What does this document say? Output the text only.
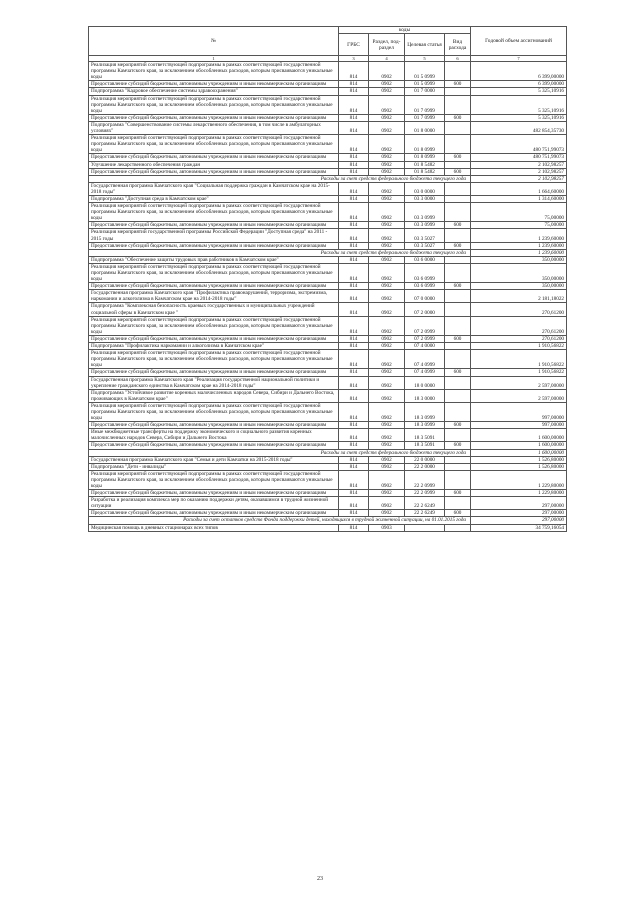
№	коды				Годовой объем ассигнований
	ГРБС	Раздел, под-раздел	Целевая статья	Вид расхода	
1	3	4	5	6	7
Реализация мероприятий соответствующей подпрограммы в рамках соответствующей государственной программы Камчатского края, за исключением обособленных расходов, которым присваиваются уникальные коды	814	0902	01 5 0999		6 399,00000
Предоставление субсидий бюджетным, автономным учреждениям и иным некоммерческим организациям	814	0902	01 5 0999	600	6 399,00000
Подпрограмма "Кадровое обеспечение системы здравоохранения"	814	0902	01 7 0000		5 325,10916
Реализация мероприятий соответствующей подпрограммы в рамках соответствующей государственной программы Камчатского края, за исключением обособленных расходов, которым присваиваются уникальные коды	814	0902	01 7 0999		5 325,10916
Предоставление субсидий бюджетным, автономным учреждениям и иным некоммерческим организациям	814	0902	01 7 0999	600	5 325,10916
Подпрограмма "Совершенствование системы лекарственного обеспечения, в том числе в амбулаторных условиях"	814	0902	01 8 0000		482 854,35730
Реализация мероприятий соответствующей подпрограммы в рамках соответствующей государственной программы Камчатского края, за исключением обособленных расходов, которым присваиваются уникальные коды	814	0902	01 8 0999		480 751,99073
Предоставление субсидий бюджетным, автономным учреждениям и иным некоммерческим организациям	814	0902	01 8 0999	600	480 751,99073
Улучшение лекарственного обеспечения граждан	814	0902	01 8 5482		2 102,98257
Предоставление субсидий бюджетным, автономным учреждениям и иным некоммерческим организациям	814	0902	01 8 5482	600	2 102,98257
Расходы за счет средств федерального бюджета текущего года					2 102,98257
Государственная программа Камчатского края "Социальная поддержка граждан в Камчатском крае на 2015-2018 годы"	814	0902	03 0 0000		1 664,60000
Подпрограмма "Доступная среда в Камчатском крае"	814	0902	03 3 0000		1 314,60000
Реализация мероприятий соответствующей подпрограммы в рамках соответствующей государственной программы Камчатского края, за исключением обособленных расходов, которым присваиваются уникальные коды	814	0902	03 3 0999		75,00000
Предоставление субсидий бюджетным, автономным учреждениям и иным некоммерческим организациям	814	0902	03 3 0999	600	75,00000
Реализация мероприятий государственной программы Российской Федерации "Доступная среда" на 2011 - 2015 годы	814	0902	03 3 5027		1 239,60000
Предоставление субсидий бюджетным, автономным учреждениям и иным некоммерческим организациям	814	0902	03 3 5027	600	1 239,60000
Расходы за счет средств федерального бюджета текущего года					1 239,60000
Подпрограмма "Обеспечение защиты трудовых прав работников в Камчатском крае"	814	0902	03 6 0000		350,00000
Реализация мероприятий соответствующей подпрограммы в рамках соответствующей государственной программы Камчатского края, за исключением обособленных расходов, которым присваиваются уникальные коды	814	0902	03 6 0999		350,00000
Предоставление субсидий бюджетным, автономным учреждениям и иным некоммерческим организациям	814	0902	03 6 0999	600	350,00000
Государственная программа Камчатского края "Профилактика правонарушений, терроризма, экстремизма, наркомании и алкоголизма в Камчатском крае на 2014-2018 годы"	814	0902	07 0 0000		2 181,18022
Подпрограмма "Комплексная безопасность краевых государственных и муниципальных учреждений социальной сферы в Камчатском крае "	814	0902	07 2 0000		270,61200
Реализация мероприятий соответствующей подпрограммы в рамках соответствующей государственной программы Камчатского края, за исключением обособленных расходов, которым присваиваются уникальные коды	814	0902	07 2 0999		270,61200
Предоставление субсидий бюджетным, автономным учреждениям и иным некоммерческим организациям	814	0902	07 2 0999	600	270,61200
Подпрограмма "Профилактика наркомании и алкоголизма в Камчатском крае"	814	0902	07 4 0000		1 910,56822
Реализация мероприятий соответствующей подпрограммы в рамках соответствующей государственной программы Камчатского края, за исключением обособленных расходов, которым присваиваются уникальные коды	814	0902	07 4 0999		1 910,56822
Предоставление субсидий бюджетным, автономным учреждениям и иным некоммерческим организациям	814	0902	07 4 0999	600	1 910,56822
Государственная программа Камчатского края "Реализация государственной национальной политики и укрепление гражданского единства в Камчатском крае на 2014-2018 годы"	814	0902	18 0 0000		2 597,00000
Подпрограмма "Устойчивое развитие коренных малочисленных народов Севера, Сибири и Дальнего Востока, проживающих в Камчатском крае"	814	0902	18 3 0000		2 597,00000
Реализация мероприятий соответствующей подпрограммы в рамках соответствующей государственной программы Камчатского края, за исключением обособленных расходов, которым присваиваются уникальные коды	814	0902	18 3 0999		997,00000
Предоставление субсидий бюджетным, автономным учреждениям и иным некоммерческим организациям	814	0902	18 3 0999	600	997,00000
Иные межбюджетные трансферты на поддержку экономического и социального развития коренных малочисленных народов Севера, Сибири и Дальнего Востока	814	0902	18 3 5091		1 600,00000
Предоставление субсидий бюджетным, автономным учреждениям и иным некоммерческим организациям	814	0902	18 3 5091	600	1 600,00000
Расходы за счет средств федерального бюджета текущего года					1 600,00000
Государственная программа Камчатского края "Семья и дети Камчатки на 2015-2018 годы"	814	0902	22 0 0000		1 526,80000
Подпрограмма "Дети - инвалиды"	814	0902	22 2 0000		1 526,80000
Реализация мероприятий соответствующей подпрограммы в рамках соответствующей государственной программы Камчатского края, за исключением обособленных расходов, которым присваиваются уникальные коды	814	0902	22 2 0999		1 229,80000
Предоставление субсидий бюджетным, автономным учреждениям и иным некоммерческим организациям	814	0902	22 2 0999	600	1 229,80000
Разработка и реализация комплекса мер по оказанию поддержки детям, оказавшимся в трудной жизненной ситуации	814	0902	22 2 6249		297,00000
Предоставление субсидий бюджетным, автономным учреждениям и иным некоммерческим организациям	814	0902	22 2 6249	600	297,00000
Расходы за счет остатков средств Фонда поддержки детей, находящихся в трудной жизненной ситуации, на 01.01.2015 года					297,00000
Медицинская помощь в дневных стационарах всех типов	814	0903			34 759,16054
23
